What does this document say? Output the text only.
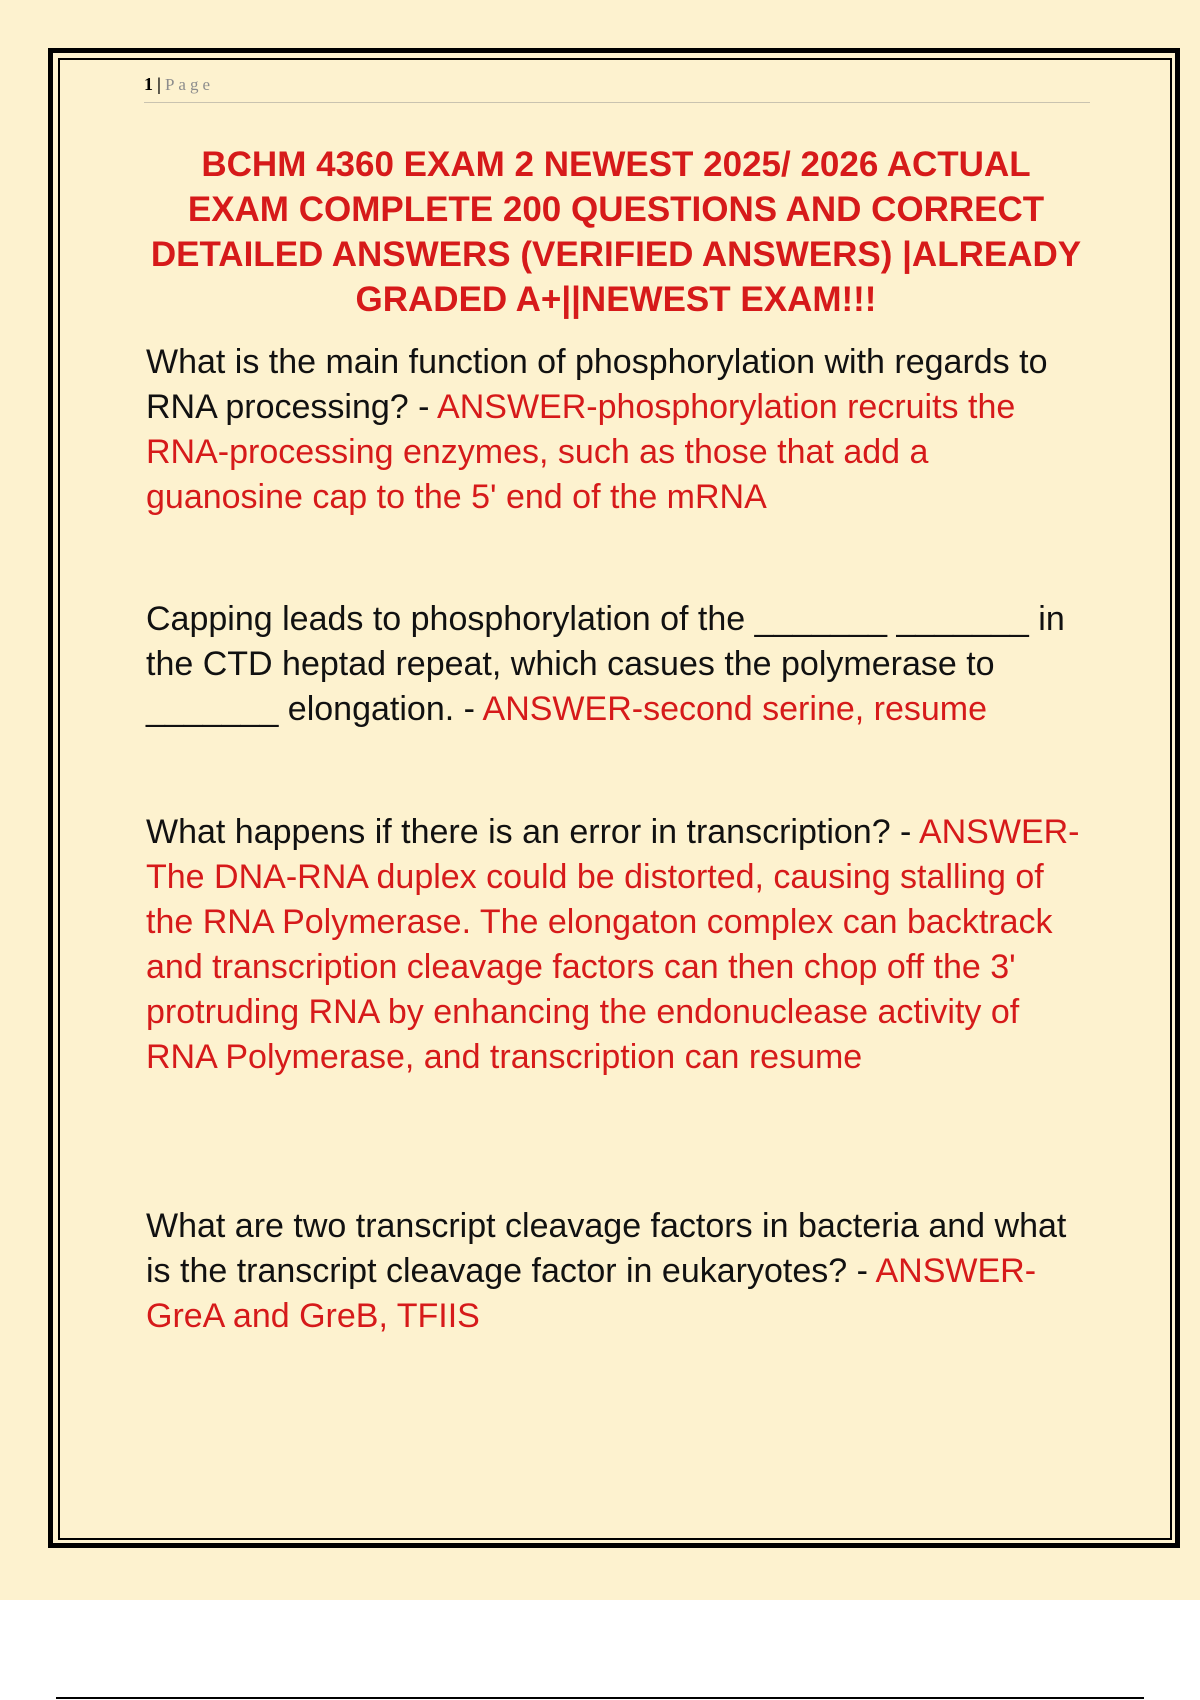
1 | Page
BCHM 4360 EXAM 2 NEWEST 2025/ 2026 ACTUAL EXAM COMPLETE 200 QUESTIONS AND CORRECT DETAILED ANSWERS (VERIFIED ANSWERS) |ALREADY GRADED A+||NEWEST EXAM!!!

What is the main function of phosphorylation with regards to RNA processing? - ANSWER-phosphorylation recruits the RNA-processing enzymes, such as those that add a guanosine cap to the 5' end of the mRNA

Capping leads to phosphorylation of the _______ _______ in the CTD heptad repeat, which casues the polymerase to _______ elongation. - ANSWER-second serine, resume

What happens if there is an error in transcription? - ANSWER-The DNA-RNA duplex could be distorted, causing stalling of the RNA Polymerase. The elongaton complex can backtrack and transcription cleavage factors can then chop off the 3' protruding RNA by enhancing the endonuclease activity of RNA Polymerase, and transcription can resume

What are two transcript cleavage factors in bacteria and what is the transcript cleavage factor in eukaryotes? - ANSWER-GreA and GreB, TFIIS
